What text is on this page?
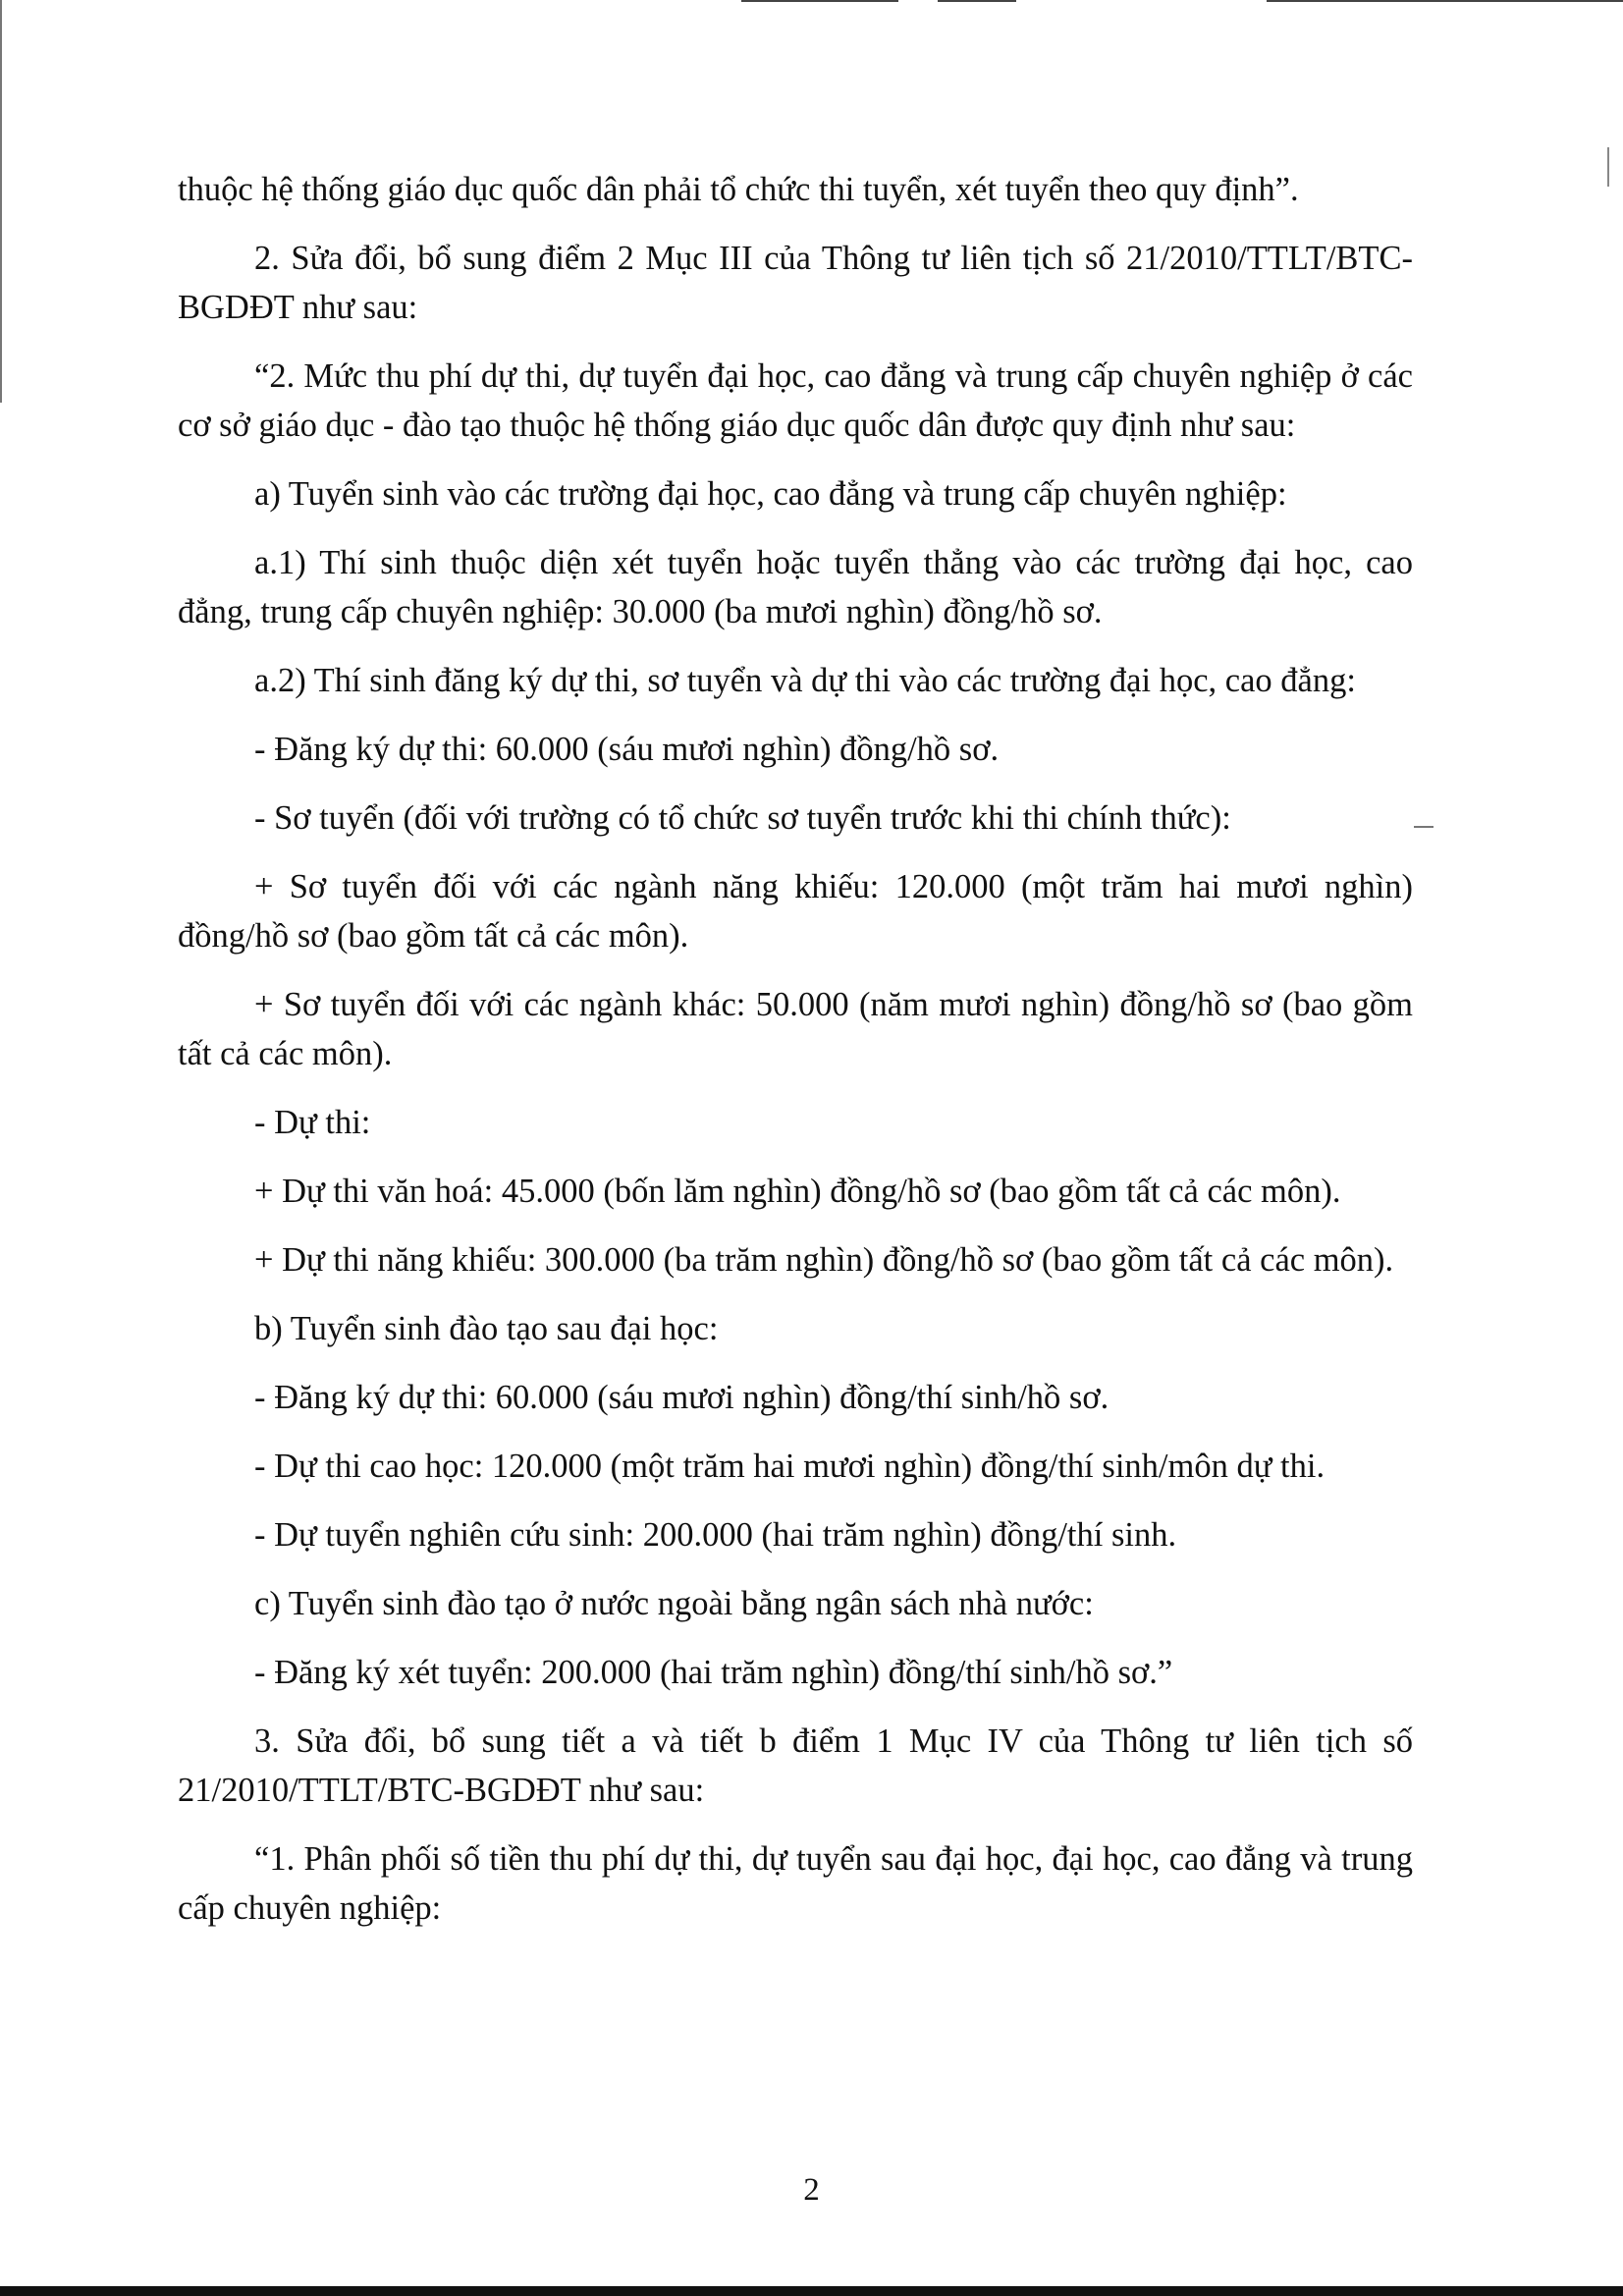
thuộc hệ thống giáo dục quốc dân phải tổ chức thi tuyển, xét tuyển theo quy định”.

2. Sửa đổi, bổ sung điểm 2 Mục III của Thông tư liên tịch số 21/2010/TTLT/BTC-BGDĐT như sau:

“2. Mức thu phí dự thi, dự tuyển đại học, cao đẳng và trung cấp chuyên nghiệp ở các cơ sở giáo dục - đào tạo thuộc hệ thống giáo dục quốc dân được quy định như sau:

a) Tuyển sinh vào các trường đại học, cao đẳng và trung cấp chuyên nghiệp:

a.1) Thí sinh thuộc diện xét tuyển hoặc tuyển thẳng vào các trường đại học, cao đẳng, trung cấp chuyên nghiệp: 30.000 (ba mươi nghìn) đồng/hồ sơ.

a.2) Thí sinh đăng ký dự thi, sơ tuyển và dự thi vào các trường đại học, cao đẳng:

- Đăng ký dự thi: 60.000 (sáu mươi nghìn) đồng/hồ sơ.

- Sơ tuyển (đối với trường có tổ chức sơ tuyển trước khi thi chính thức):

+ Sơ tuyển đối với các ngành năng khiếu: 120.000 (một trăm hai mươi nghìn) đồng/hồ sơ (bao gồm tất cả các môn).

+ Sơ tuyển đối với các ngành khác: 50.000 (năm mươi nghìn) đồng/hồ sơ (bao gồm tất cả các môn).

- Dự thi:

+ Dự thi văn hoá: 45.000 (bốn lăm nghìn) đồng/hồ sơ (bao gồm tất cả các môn).

+ Dự thi năng khiếu: 300.000 (ba trăm nghìn) đồng/hồ sơ (bao gồm tất cả các môn).

b) Tuyển sinh đào tạo sau đại học:

- Đăng ký dự thi: 60.000 (sáu mươi nghìn) đồng/thí sinh/hồ sơ.

- Dự thi cao học: 120.000 (một trăm hai mươi nghìn) đồng/thí sinh/môn dự thi.

- Dự tuyển nghiên cứu sinh: 200.000 (hai trăm nghìn) đồng/thí sinh.

c) Tuyển sinh đào tạo ở nước ngoài bằng ngân sách nhà nước:

- Đăng ký xét tuyển: 200.000 (hai trăm nghìn) đồng/thí sinh/hồ sơ.”

3. Sửa đổi, bổ sung tiết a và tiết b điểm 1 Mục IV của Thông tư liên tịch số 21/2010/TTLT/BTC-BGDĐT như sau:

“1. Phân phối số tiền thu phí dự thi, dự tuyển sau đại học, đại học, cao đẳng và trung cấp chuyên nghiệp:

2
